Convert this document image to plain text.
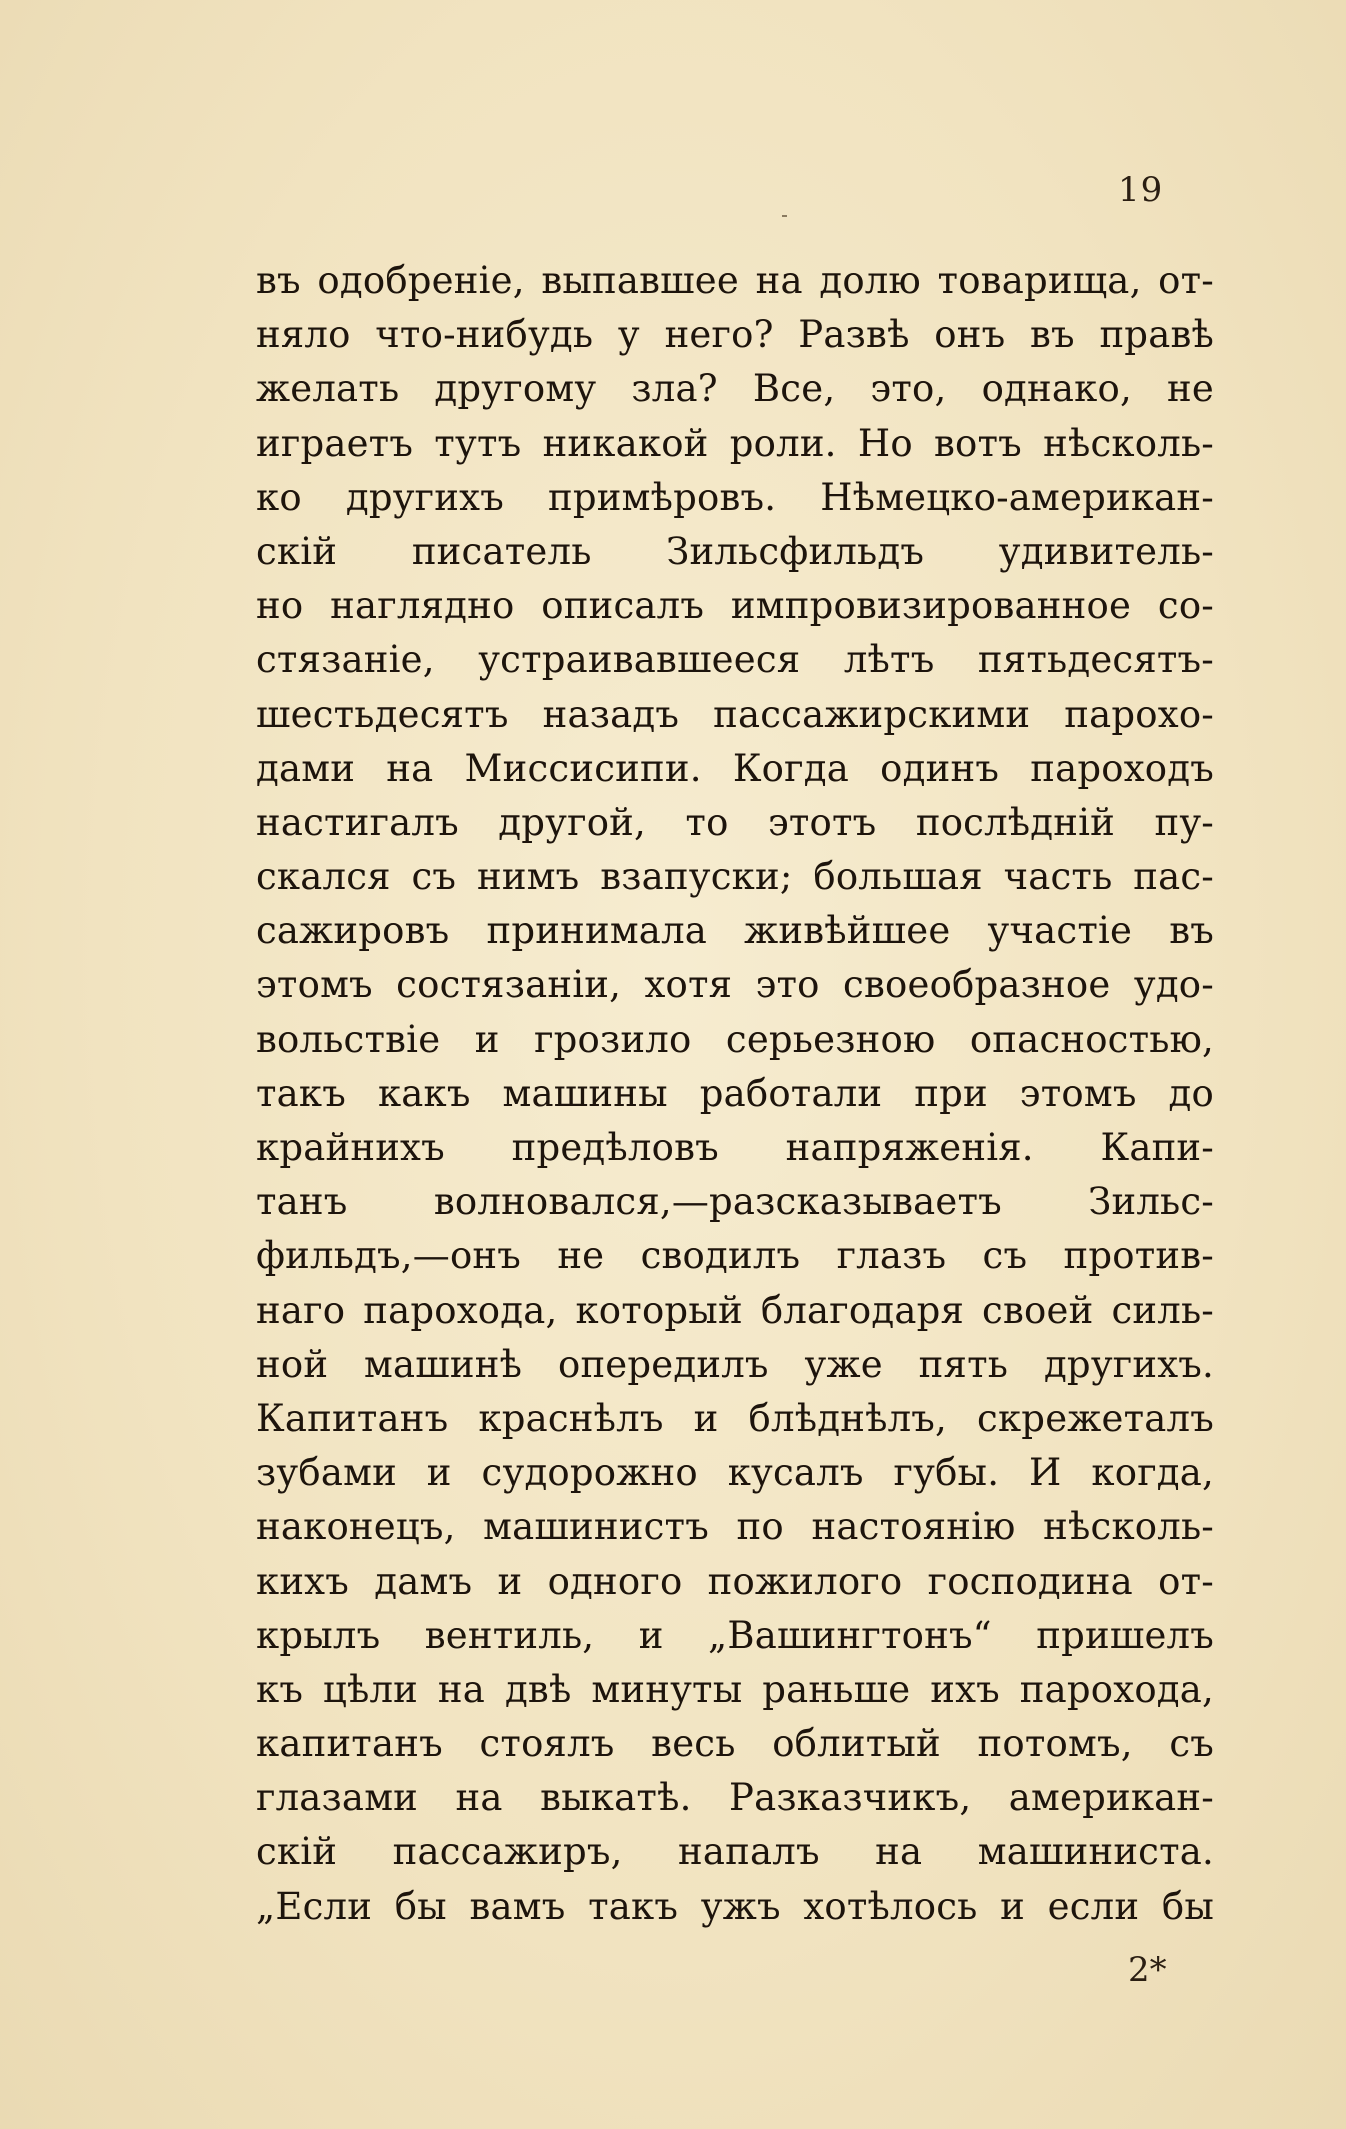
19
въ одобреніе, выпавшее на долю товарища, от-
няло что-нибудь у него? Развѣ онъ въ правѣ
желать другому зла? Все, это, однако, не
играетъ тутъ никакой роли. Но вотъ нѣсколь-
ко другихъ примѣровъ. Нѣмецко-американ-
скій писатель Зильсфильдъ удивитель-
но наглядно описалъ импровизированное со-
стязаніе, устраивавшееся лѣтъ пятьдесятъ-
шестьдесятъ назадъ пассажирскими пароxо-
дами на Миссисипи. Когда одинъ пароходъ
настигалъ другой, то этотъ послѣдній пу-
скался съ нимъ взапуски; большая часть пас-
сажировъ принимала живѣйшее участіе въ
этомъ состязаніи, хотя это своеобразное удо-
вольствіе и грозило серьезною опасностью,
такъ какъ машины работали при этомъ до
крайнихъ предѣловъ напряженія. Капи-
танъ волновался,—разсказываетъ Зильс-
фильдъ,—онъ не сводилъ глазъ съ против-
наго парохода, который благодаря своей силь-
ной машинѣ опередилъ уже пять другихъ.
Капитанъ краснѣлъ и блѣднѣлъ, скрежеталъ
зубами и судорожно кусалъ губы. И когда,
наконецъ, машинистъ по настоянію нѣсколь-
кихъ дамъ и одного пожилого господина от-
крылъ вентиль, и „Вашингтонъ“ пришелъ
къ цѣли на двѣ минуты раньше ихъ парохода,
капитанъ стоялъ весь облитый потомъ, съ
глазами на выкатѣ. Разказчикъ, американ-
скій пассажиръ, напалъ на машиниста.
„Если бы вамъ такъ ужъ хотѣлось и если бы
2*
